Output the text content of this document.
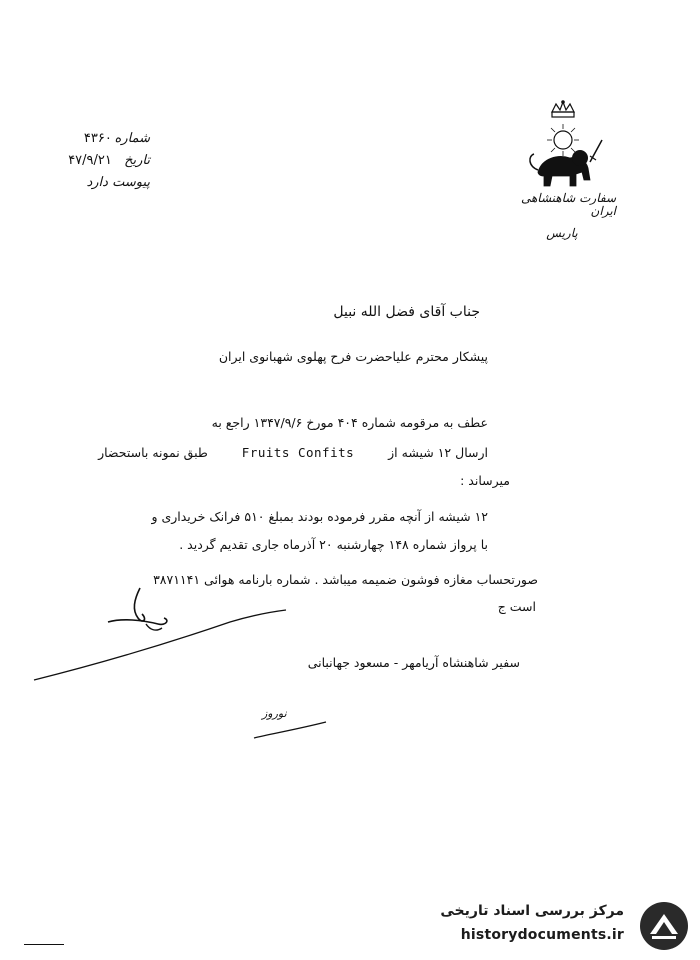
شماره ۴۳۶۰
تاریخ ۴۷/۹/۲۱
پیوست دارد
سفارت شاهنشاهی ایران
پاریس
جناب آقای فضل الله نبیل
پیشکار محترم علیاحضرت فرح پهلوی شهبانوی ایران
عطف به مرقومه شماره ۴۰۴ مورخ ۱۳۴۷/۹/۶ راجع به
ارسال ۱۲ شیشه از Fruits Confits طبق نمونه باستحضار
میرساند :
۱۲ شیشه از آنچه مقرر فرموده بودند بمبلغ ۵۱۰ فرانک خریداری و
با پرواز شماره ۱۴۸ چهارشنبه ۲۰ آذرماه جاری تقدیم گردید .
صورتحساب مغازه فوشون ضمیمه میباشد . شماره بارنامه هوائی ۳۸۷۱۱۴۱
است ج
سفیر شاهنشاه آریامهر - مسعود جهانبانی
نوروز
مرکز بررسی اسناد تاریخی
historydocuments.ir
